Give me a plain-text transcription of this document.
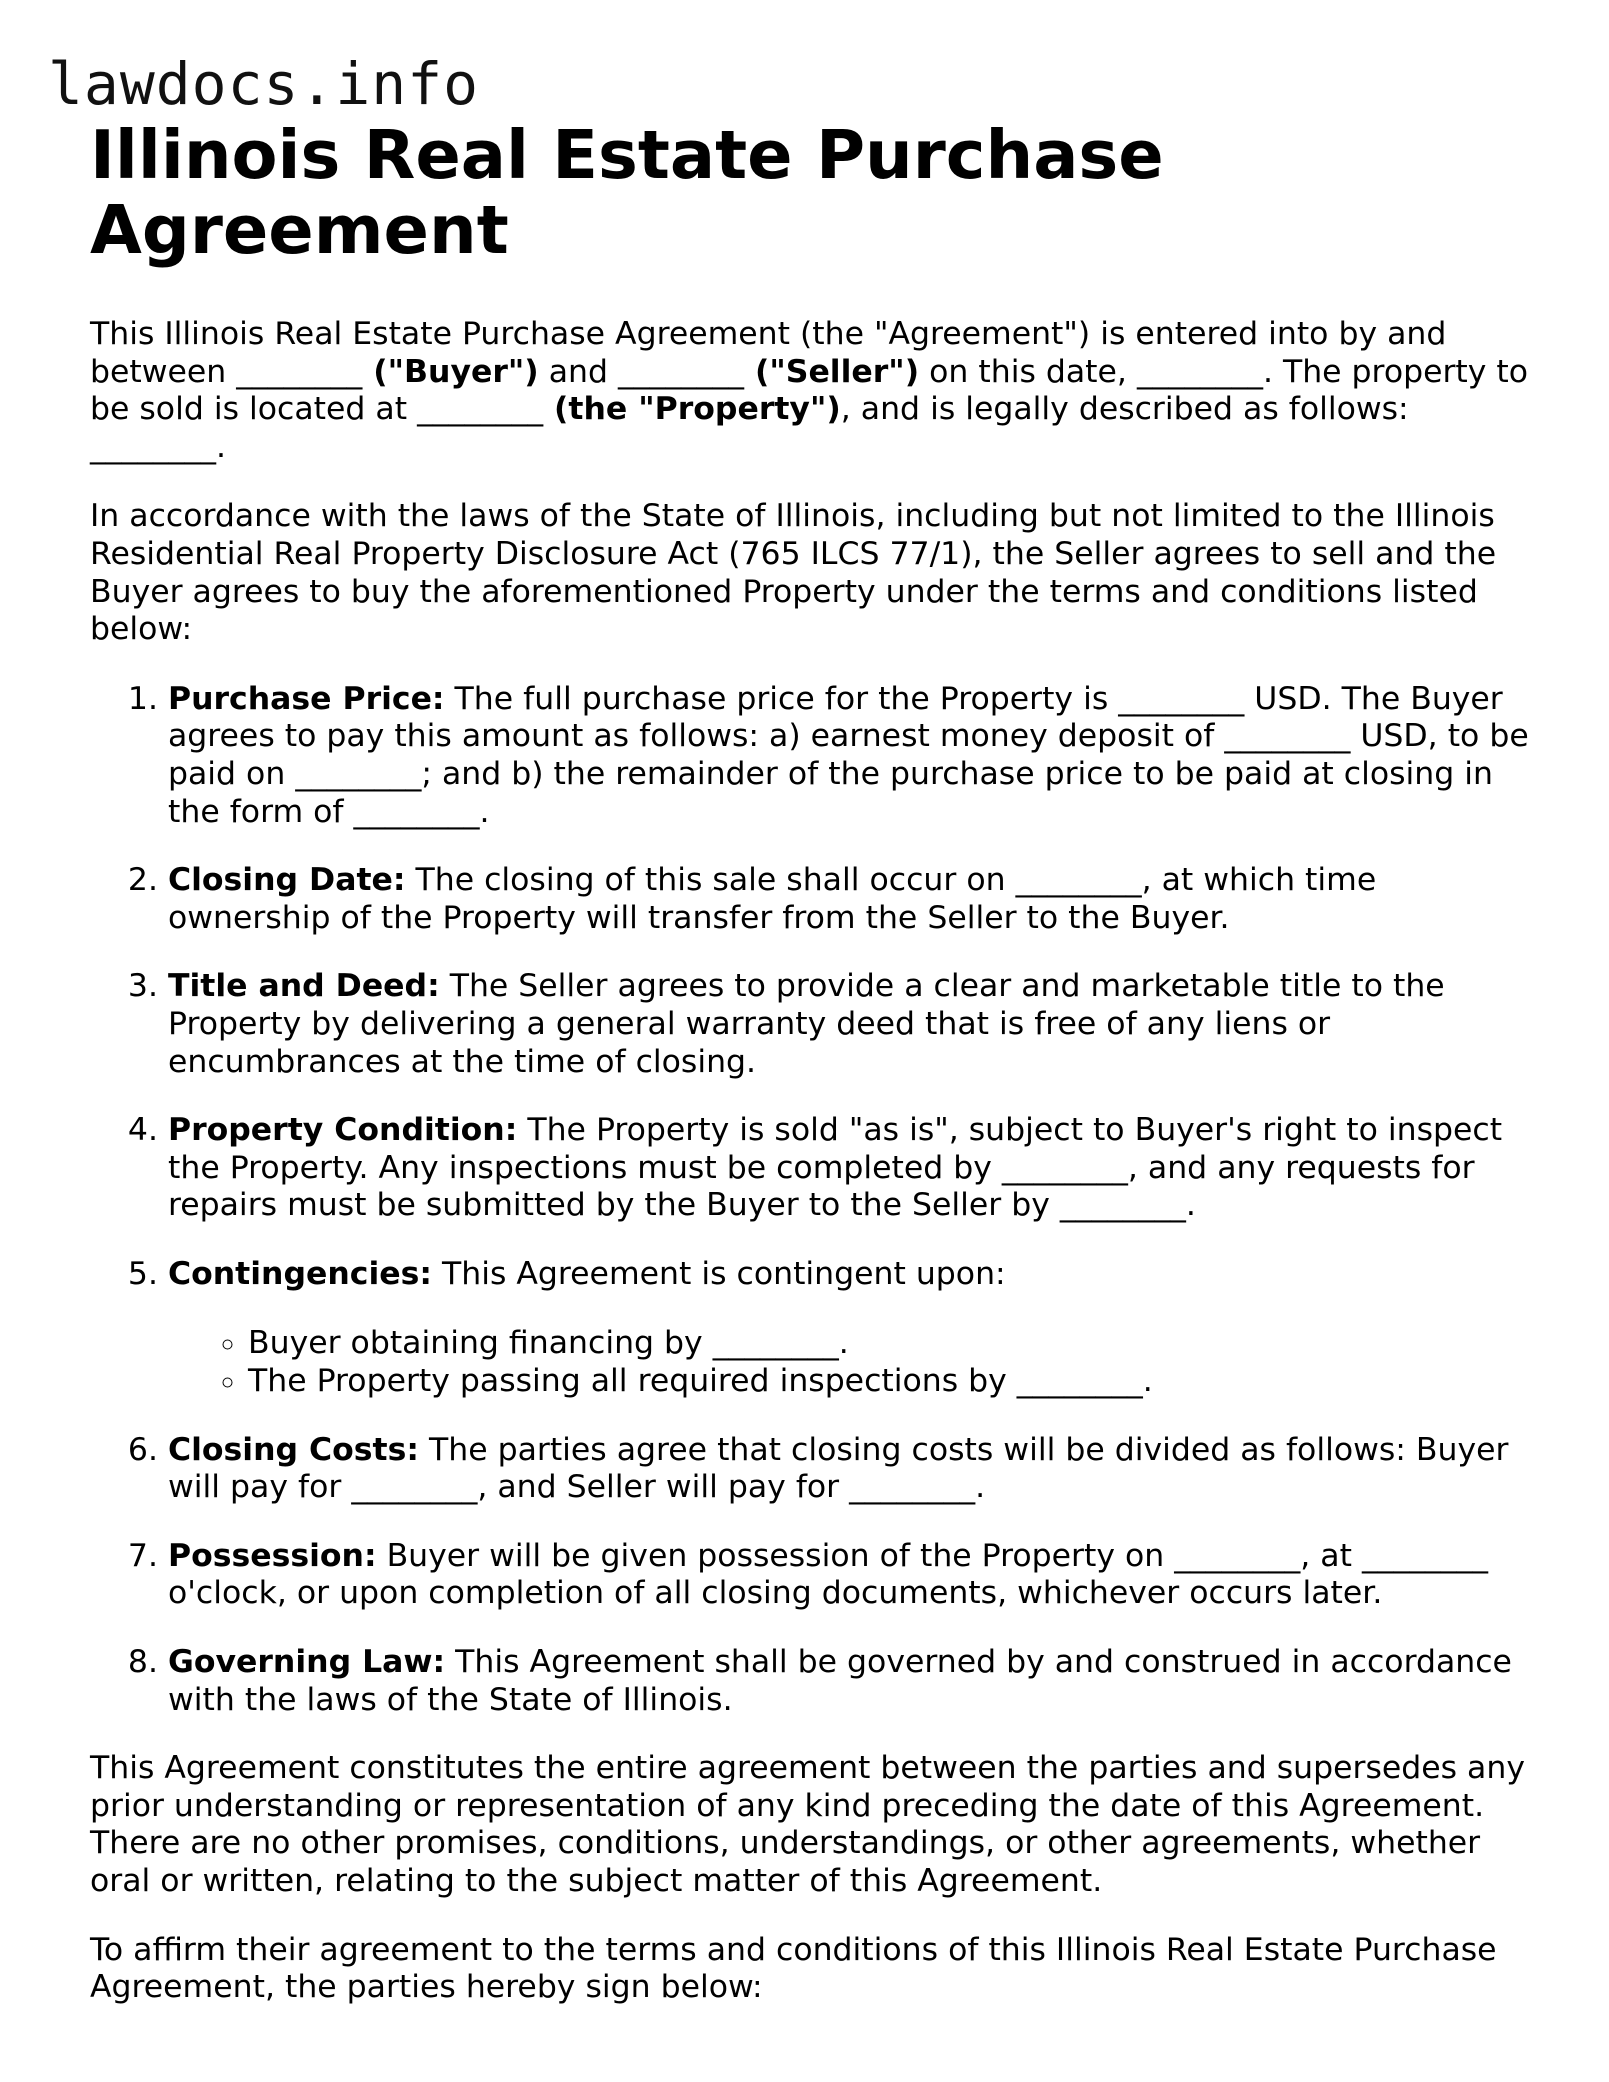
lawdocs.info
Illinois Real Estate Purchase Agreement

This Illinois Real Estate Purchase Agreement (the "Agreement") is entered into by and between ________ ("Buyer") and ________ ("Seller") on this date, ________. The property to be sold is located at ________ (the "Property"), and is legally described as follows: ________.

In accordance with the laws of the State of Illinois, including but not limited to the Illinois Residential Real Property Disclosure Act (765 ILCS 77/1), the Seller agrees to sell and the Buyer agrees to buy the aforementioned Property under the terms and conditions listed below:

1. Purchase Price: The full purchase price for the Property is ________ USD. The Buyer agrees to pay this amount as follows: a) earnest money deposit of ________ USD, to be paid on ________; and b) the remainder of the purchase price to be paid at closing in the form of ________.
2. Closing Date: The closing of this sale shall occur on ________, at which time ownership of the Property will transfer from the Seller to the Buyer.
3. Title and Deed: The Seller agrees to provide a clear and marketable title to the Property by delivering a general warranty deed that is free of any liens or encumbrances at the time of closing.
4. Property Condition: The Property is sold "as is", subject to Buyer's right to inspect the Property. Any inspections must be completed by ________, and any requests for repairs must be submitted by the Buyer to the Seller by ________.
5. Contingencies: This Agreement is contingent upon:
◦ Buyer obtaining financing by ________.
◦ The Property passing all required inspections by ________.
6. Closing Costs: The parties agree that closing costs will be divided as follows: Buyer will pay for ________, and Seller will pay for ________.
7. Possession: Buyer will be given possession of the Property on ________, at ________ o'clock, or upon completion of all closing documents, whichever occurs later.
8. Governing Law: This Agreement shall be governed by and construed in accordance with the laws of the State of Illinois.

This Agreement constitutes the entire agreement between the parties and supersedes any prior understanding or representation of any kind preceding the date of this Agreement. There are no other promises, conditions, understandings, or other agreements, whether oral or written, relating to the subject matter of this Agreement.

To affirm their agreement to the terms and conditions of this Illinois Real Estate Purchase Agreement, the parties hereby sign below:
